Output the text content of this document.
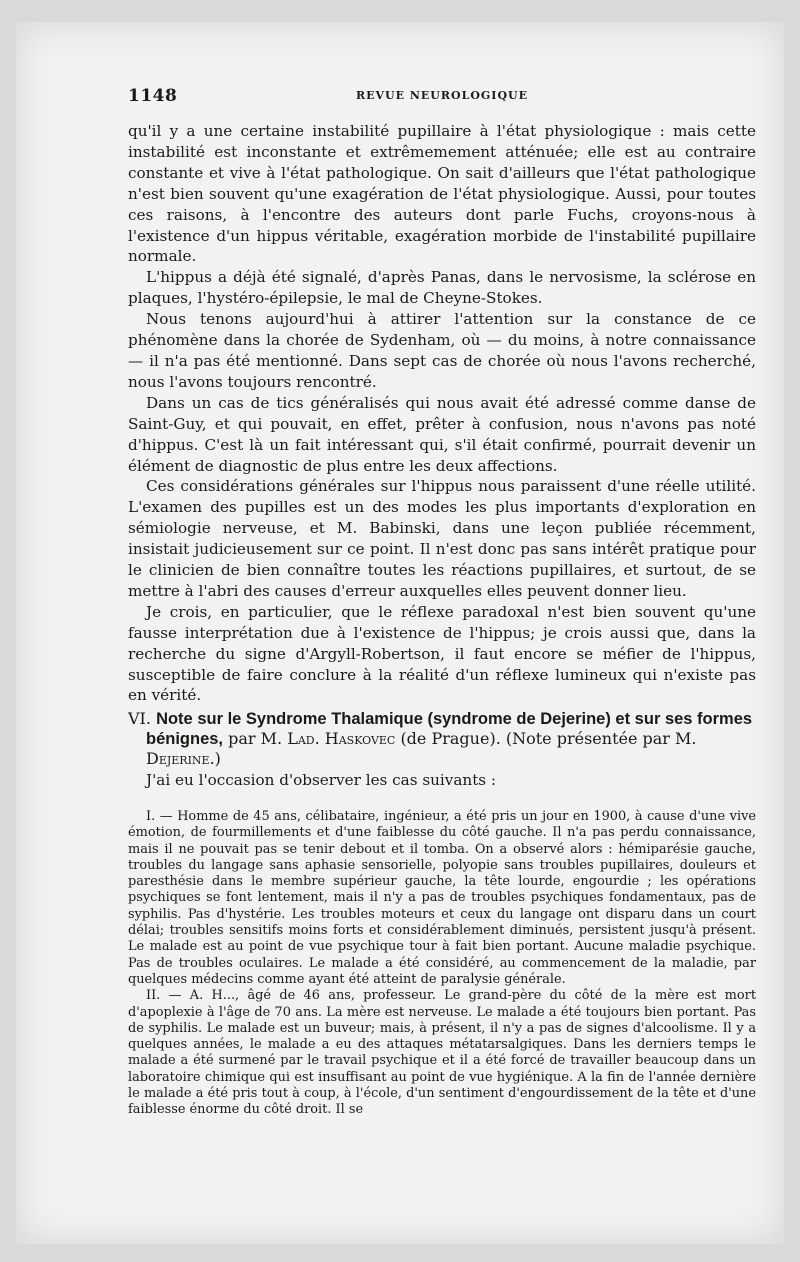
1148	REVUE NEUROLOGIQUE

qu'il y a une certaine instabilité pupillaire à l'état physiologique : mais cette instabilité est inconstante et extrêmemement atténuée; elle est au contraire constante et vive à l'état pathologique. On sait d'ailleurs que l'état pathologique n'est bien souvent qu'une exagération de l'état physiologique. Aussi, pour toutes ces raisons, à l'encontre des auteurs dont parle Fuchs, croyons-nous à l'existence d'un hippus véritable, exagération morbide de l'instabilité pupillaire normale.

L'hippus a déjà été signalé, d'après Panas, dans le nervosisme, la sclérose en plaques, l'hystéro-épilepsie, le mal de Cheyne-Stokes.

Nous tenons aujourd'hui à attirer l'attention sur la constance de ce phénomène dans la chorée de Sydenham, où — du moins, à notre connaissance — il n'a pas été mentionné. Dans sept cas de chorée où nous l'avons recherché, nous l'avons toujours rencontré.

Dans un cas de tics généralisés qui nous avait été adressé comme danse de Saint-Guy, et qui pouvait, en effet, prêter à confusion, nous n'avons pas noté d'hippus. C'est là un fait intéressant qui, s'il était confirmé, pourrait devenir un élément de diagnostic de plus entre les deux affections.

Ces considérations générales sur l'hippus nous paraissent d'une réelle utilité. L'examen des pupilles est un des modes les plus importants d'exploration en sémiologie nerveuse, et M. Babinski, dans une leçon publiée récemment, insistait judicieusement sur ce point. Il n'est donc pas sans intérêt pratique pour le clinicien de bien connaître toutes les réactions pupillaires, et surtout, de se mettre à l'abri des causes d'erreur auxquelles elles peuvent donner lieu.

Je crois, en particulier, que le réflexe paradoxal n'est bien souvent qu'une fausse interprétation due à l'existence de l'hippus; je crois aussi que, dans la recherche du signe d'Argyll-Robertson, il faut encore se méfier de l'hippus, susceptible de faire conclure à la réalité d'un réflexe lumineux qui n'existe pas en vérité.

VI. Note sur le Syndrome Thalamique (syndrome de Dejerine) et sur ses formes bénignes, par M. Lad. Haskovec (de Prague). (Note présentée par M. Dejerine.)
J'ai eu l'occasion d'observer les cas suivants :

I. — Homme de 45 ans, célibataire, ingénieur, a été pris un jour en 1900, à cause d'une vive émotion, de fourmillements et d'une faiblesse du côté gauche. Il n'a pas perdu connaissance, mais il ne pouvait pas se tenir debout et il tomba. On a observé alors : hémiparésie gauche, troubles du langage sans aphasie sensorielle, polyopie sans troubles pupillaires, douleurs et paresthésie dans le membre supérieur gauche, la tête lourde, engourdie ; les opérations psychiques se font lentement, mais il n'y a pas de troubles psychiques fondamentaux, pas de syphilis. Pas d'hystérie. Les troubles moteurs et ceux du langage ont disparu dans un court délai; troubles sensitifs moins forts et considérablement diminués, persistent jusqu'à présent. Le malade est au point de vue psychique tour à fait bien portant. Aucune maladie psychique. Pas de troubles oculaires. Le malade a été considéré, au commencement de la maladie, par quelques médecins comme ayant été atteint de paralysie générale.

II. — A. H..., âgé de 46 ans, professeur. Le grand-père du côté de la mère est mort d'apoplexie à l'âge de 70 ans. La mère est nerveuse. Le malade a été toujours bien portant. Pas de syphilis. Le malade est un buveur; mais, à présent, il n'y a pas de signes d'alcoolisme. Il y a quelques années, le malade a eu des attaques métatarsalgiques. Dans les derniers temps le malade a été surmené par le travail psychique et il a été forcé de travailler beaucoup dans un laboratoire chimique qui est insuffisant au point de vue hygiénique. A la fin de l'année dernière le malade a été pris tout à coup, à l'école, d'un sentiment d'engourdissement de la tête et d'une faiblesse énorme du côté droit. Il se
